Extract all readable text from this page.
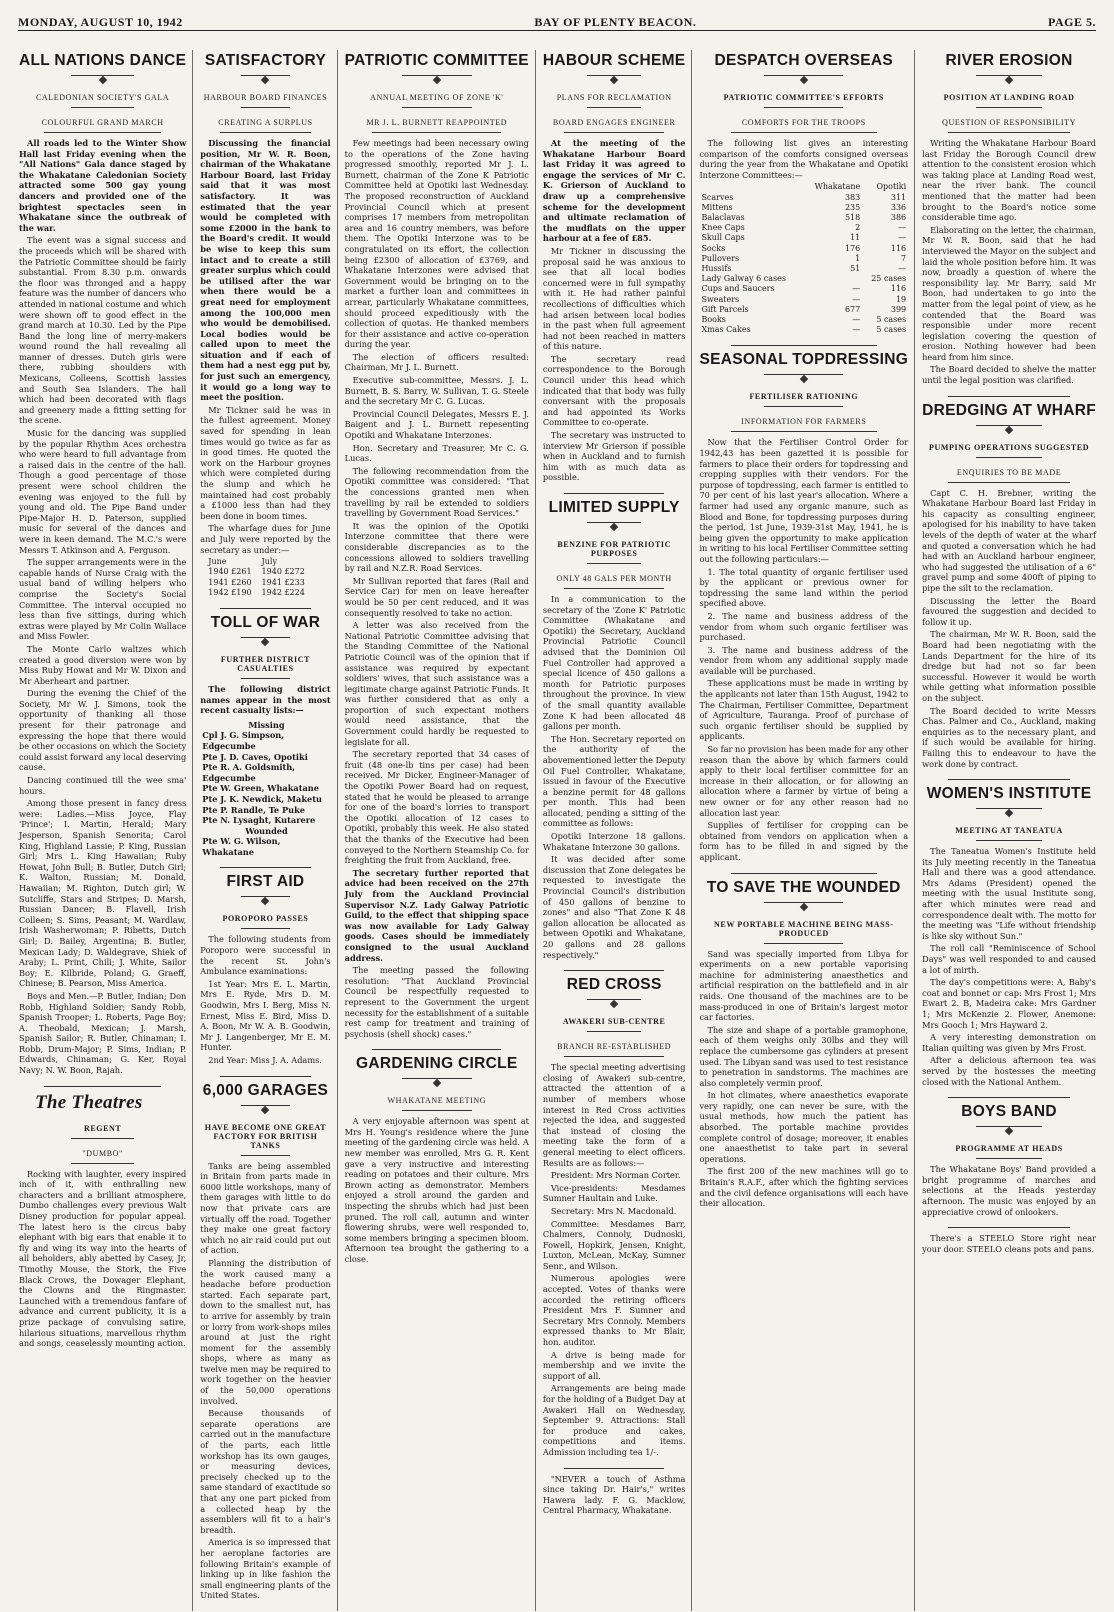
MONDAY, AUGUST 10, 1942	BAY OF PLENTY BEACON.	PAGE 5.
ALL NATIONS DANCE
CALEDONIAN SOCIETY'S GALA
COLOURFUL GRAND MARCH

All roads led to the Winter Show Hall last Friday evening when the "All Nations" Gala dance staged by the Whakatane Caledonian Society attracted some 500 gay young dancers and provided one of the brightest spectacles seen in Whakatane since the outbreak of the war.

The event was a signal success and the proceeds which will be shared with the Patriotic Committee should be fairly substantial. From 8.30 p.m. onwards the floor was thronged and a happy feature was the number of dancers who attended in national costume and which were shown off to good effect in the grand march at 10.30. Led by the Pipe Band the long line of merry-makers wound round the hall revealing all manner of dresses. Dutch girls were there, rubbing shoulders with Mexicans, Colleens, Scottish lassies and South Sea Islanders. The hall which had been decorated with flags and greenery made a fitting setting for the scene.

Music for the dancing was supplied by the popular Rhythm Aces orchestra who were heard to full advantage from a raised dais in the centre of the hall. Though a good percentage of those present were school children the evening was enjoyed to the full by young and old. The Pipe Band under Pipe-Major H. D. Paterson, supplied music for several of the dances and were in keen demand. The M.C.'s were Messrs T. Atkinson and A. Ferguson.

The supper arrangements were in the capable hands of Nurse Craig with the usual band of willing helpers who comprise the Society's Social Committee. The interval occupied no less than five sittings, during which extras were played by Mr Colin Wallace and Miss Fowler.

The Monte Carlo waltzes which created a good diversion were won by Miss Ruby Howat and Mr W. Dixon and Mr Aberheart and partner.

During the evening the Chief of the Society, Mr W. J. Simons, took the opportunity of thanking all those present for their patronage and expressing the hope that there would be other occasions on which the Society could assist forward any local deserving cause.

Dancing continued till the wee sma' hours.

Among those present in fancy dress were: Ladies.—Miss Joyce, Flay 'Prince'; I. Martin, Herald; Mary Jesperson, Spanish Senorita; Carol King, Highland Lassie; P. King, Russian Girl; Mrs L. King Hawaiian; Ruby Howat, John Bull; B. Butler, Dutch Girl; K. Walton, Russian; M. Donald, Hawaiian; M. Righton, Dutch girl; W. Sutcliffe, Stars and Stripes; D. Marsh, Russian Dancer; B. Flavell, Irish Colleen; S. Sims, Peasant; M. Wardlaw, Irish Washerwoman; P. Ribetts, Dutch Girl; D. Bailey, Argentina; B. Butler, Mexican Lady; D. Waldegrave, Shiek of Araby; L. Print, Chili; J. White, Sailor Boy; E. Kilbride, Poland; G. Graeff, Chinese; B. Pearson, Miss America.

Boys and Men.—P. Butler, Indian; Don Robb, Highland Soldier; Sandy Robb, Spanish Trooper; L. Roberts, Page Boy; A. Theobald, Mexican; J. Marsh, Spanish Sailor; R. Butler, Chinaman; I. Robb, Drum-Major; P. Sims, Indian; P. Edwards, Chinaman; G. Ker, Royal Navy; N. W. Boon, Rajah.

The Theatres
REGENT
"DUMBO"

Rocking with laughter, every inspired inch of it, with enthralling new characters and a brilliant atmosphere, Dumbo challenges every previous Walt Disney production for popular appeal. The latest hero is the circus baby elephant with big ears that enable it to fly and wing its way into the hearts of all beholders, ably abetted by Casey, Jr, Timothy Mouse, the Stork, the Five Black Crows, the Dowager Elephant, the Clowns and the Ringmaster. Launched with a tremendous fanfare of advance and current publicity, it is a prize package of convulsing satire, hilarious situations, marvellous rhythm and songs, ceaselessly mounting action.

SATISFACTORY
HARBOUR BOARD FINANCES
CREATING A SURPLUS

Discussing the financial position, Mr W. R. Boon, chairman of the Whakatane Harbour Board, last Friday said that it was most satisfactory. It was estimated that the year would be completed with some £2000 in the bank to the Board's credit. It would be wise to keep this sum intact and to create a still greater surplus which could be utilised after the war when there would be a great need for employment among the 100,000 men who would be demobilised. Local bodies would be called upon to meet the situation and if each of them had a nest egg put by, for just such an emergency, it would go a long way to meet the position.

Mr Tickner said he was in the fullest agreement. Money saved for spending in lean times would go twice as far as in good times. He quoted the work on the Harbour groynes which were completed during the slump and which he maintained had cost probably a £1000 less than had they been done in boom times.

The wharfage dues for June and July were reported by the secretary as under:—

June	July
1940 £261	1940 £272
1941 £260	1941 £233
1942 £190	1942 £224
TOLL OF WAR
FURTHER DISTRICT CASUALTIES

The following district names appear in the most recent casualty lists:—

Missing
Cpl J. G. Simpson, Edgecumbe
Pte J. D. Caves, Opotiki
Pte R. A. Goldsmith, Edgecumbe
Pte W. Green, Whakatane
Pte J. K. Newdick, Maketu
Pte P. Randle, Te Puke
Pte N. Lysaght, Kutarere
Wounded
Pte W. G. Wilson, Whakatane
FIRST AID
POROPORO PASSES

The following students from Poroporo were successful in the recent St. John's Ambulance examinations:

1st Year: Mrs E. L. Martin, Mrs E. Ryde, Mrs D. M. Goodwin, Mrs I. Berg, Miss N. Ernest, Miss E. Bird, Miss D. A. Boon, Mr W. A. B. Goodwin, Mr J. Langenberger, Mr E. M. Hunter.

2nd Year: Miss J. A. Adams.

6,000 GARAGES
HAVE BECOME ONE GREAT FACTORY FOR BRITISH TANKS

Tanks are being assembled in Britain from parts made in 6000 little workshops, many of them garages with little to do now that private cars are virtually off the road. Together they make one great factory which no air raid could put out of action.

Planning the distribution of the work caused many a headache before production started. Each separate part, down to the smallest nut, has to arrive for assembly by train or lorry from work-shops miles around at just the right moment for the assembly shops, where as many as twelve men may be required to work together on the heavier of the 50,000 operations involved.

Because thousands of separate operations are carried out in the manufacture of the parts, each little workshop has its own gauges, or measuring devices, precisely checked up to the same standard of exactitude so that any one part picked from a collected heap by the assemblers will fit to a hair's breadth.

America is so impressed that her aeroplane factories are following Britain's example of linking up in like fashion the small engineering plants of the United States.

PATRIOTIC COMMITTEE
ANNUAL MEETING OF ZONE 'K'
MR J. L. BURNETT REAPPOINTED

Few meetings had been necessary owing to the operations of the Zone having progressed smoothly, reported Mr J. L. Burnett, chairman of the Zone K Patriotic Committee held at Opotiki last Wednesday. The proposed reconstruction of Auckland Provincial Council which at present comprises 17 members from metropolitan area and 16 country members, was before them. The Opotiki Interzone was to be congratulated on its effort, the collection being £2300 of allocation of £3769, and Whakatane Interzones were advised that Government would be bringing on to the market a further loan and committees in arrear, particularly Whakatane committees, should proceed expeditiously with the collection of quotas. He thanked members for their assistance and active co-operation during the year.

The election of officers resulted: Chairman, Mr J. L. Burnett.

Executive sub-committee, Messrs. J. L. Burnett, B. S. Barry, W. Sullivan, T. G. Steele and the secretary Mr C. G. Lucas.

Provincial Council Delegates, Messrs E. J. Baigent and J. L. Burnett repesenting Opotiki and Whakatane Interzones.

Hon. Secretary and Treasurer, Mr C. G. Lucas.

The following recommendation from the Opotiki committee was considered: "That the concessions granted men when travelling by rail be extended to soldiers travelling by Government Road Services."

It was the opinion of the Opotiki Interzone committee that there were considerable discrepancies as to the concessions allowed to soldiers travelling by rail and N.Z.R. Road Services.

Mr Sullivan reported that fares (Rail and Service Car) for men on leave hereafter would be 50 per cent reduced, and it was consequently resolved to take no action.

A letter was also received from the National Patriotic Committee advising that the Standing Committee of the National Patriotic Council was of the opinion that if assistance was required by expectant soldiers' wives, that such assistance was a legitimate charge against Patriotic Funds. It was further considered that as only a proportion of such expectant mothers would need assistance, that the Government could hardly be requested to legislate for all.

The secretary reported that 34 cases of fruit (48 one-lb tins per case) had been received. Mr Dicker, Engineer-Manager of the Opotiki Power Board had on request, stated that he would be pleased to arrange for one of the board's lorries to transport the Opotiki allocation of 12 cases to Opotiki, probably this week. He also stated that the thanks of the Executive had been conveyed to the Northern Steamship Co. for freighting the fruit from Auckland, free.

The secretary further reported that advice had been received on the 27th July from the Auckland Provincial Supervisor N.Z. Lady Galway Patriotic Guild, to the effect that shipping space was now available for Lady Galway goods. Cases should be immediately consigned to the usual Auckland address.

The meeting passed the following resolution: "That Auckland Provincial Council be respectfully requested to represent to the Government the urgent necessity for the establishment of a suitable rest camp for treatment and training of psychosis (shell shock) cases."

GARDENING CIRCLE
WHAKATANE MEETING

A very enjoyable afternoon was spent at Mrs H. Young's residence where the June meeting of the gardening circle was held. A new member was enrolled, Mrs G. R. Kent gave a very instructive and interesting reading on potatoes and their culture. Mrs Brown acting as demonstrator. Members enjoyed a stroll around the garden and inspecting the shrubs which had just been pruned. The roll call, autumn and winter flowering shrubs, were well responded to, some members bringing a specimen bloom. Afternoon tea brought the gathering to a close.

HABOUR SCHEME
PLANS FOR RECLAMATION
BOARD ENGAGES ENGINEER

At the meeting of the Whakatane Harbour Board last Friday it was agreed to engage the services of Mr C. K. Grierson of Auckland to draw up a comprehensive scheme for the development and ultimate reclamation of the mudflats on the upper harbour at a fee of £85.

Mr Tickner in discussing the proposal said he was anxious to see that all local bodies concerned were in full sympathy with it. He had rather painful recollections of difficulties which had arisen between local bodies in the past when full agreement had not been reached in matters of this nature.

The secretary read correspondence to the Borough Council under this head which indicated that that body was fully conversant with the proposals and had appointed its Works Committee to co-operate.

The secretary was instructed to interview Mr Grierson if possible when in Auckland and to furnish him with as much data as possible.

LIMITED SUPPLY
BENZINE FOR PATRIOTIC PURPOSES
ONLY 48 GALS PER MONTH

In a communication to the secretary of the 'Zone K' Patriotic Committee (Whakatane and Opotiki) the Secretary, Auckland Provincial Patriotic Council advised that the Dominion Oil Fuel Controller had approved a special licence of 450 gallons a month for Patriotic purposes throughout the province. In view of the small quantity available Zone K had been allocated 48 gallons per month.

The Hon. Secretary reported on the authority of the abovementioned letter the Deputy Oil Fuel Controller, Whakatane, issued in favour of the Executive a benzine permit for 48 gallons per month. This had been allocated, pending a sitting of the committee as follows:

Opotiki Interzone 18 gallons. Whakatane Interzone 30 gallons.

It was decided after some discussion that Zone delegates be requested to investigate the Provincial Council's distribution of 450 gallons of benzine to zones" and also "That Zone K 48 gallon allocation be allocated as between Opotiki and Whakatane, 20 gallons and 28 gallons respectively."

RED CROSS
AWAKERI SUB-CENTRE
BRANCH RE-ESTABLISHED

The special meeting advertising closing of Awakeri sub-centre, attracted the attention of a number of members whose interest in Red Cross activities rejected the idea, and suggested that instead of closing the meeting take the form of a general meeting to elect officers. Results are as follows:—

President: Mrs Norman Corter.

Vice-presidents: Mesdames Sumner Haultain and Luke.

Secretary: Mrs N. Macdonald.

Committee: Mesdames Barr, Chalmers, Connoly, Dudnoski, Fowell, Hopkirk, Jensen, Knight, Luxton, McLean, McKay, Sumner Senr., and Wilson.

Numerous apologies were accepted. Votes of thanks were accorded the retiring officers President Mrs F. Sumner and Secretary Mrs Connoly. Members expressed thanks to Mr Blair, hon. auditor.

A drive is being made for membership and we invite the support of all.

Arrangements are being made for the holding of a Budget Day at Awakeri Hall on Wednesday, September 9. Attractions: Stall for produce and cakes, competitions and items. Admission including tea 1/-.

"NEVER a touch of Asthma since taking Dr. Hair's," writes Hawera lady. F. G. Macklow, Central Pharmacy, Whakatane.

DESPATCH OVERSEAS
PATRIOTIC COMMITTEE'S EFFORTS
COMFORTS FOR THE TROOPS

The following list gives an interesting comparison of the comforts consigned overseas during the year from the Whakatane and Opotiki Interzone Committees:—

	Whakatane	Opotiki
Scarves	383	311
Mittens	235	336
Balaclavas	518	386
Knee Caps	2	—
Skull Caps	11	—
Socks	176	116
Pullovers	1	7
Hussifs	51	—
Lady Galway 6 cases		25 cases
Cups and Saucers	—	116
Sweaters	—	19
Gift Parcels	677	399
Books	—	5 cases
Xmas Cakes	—	5 cases
SEASONAL TOPDRESSING
FERTILISER RATIONING
INFORMATION FOR FARMERS

Now that the Fertiliser Control Order for 1942,43 has been gazetted it is possible for farmers to place their orders for topdressing and cropping supplies with their vendors. For the purpose of topdressing, each farmer is entitled to 70 per cent of his last year's allocation. Where a farmer had used any organic manure, such as Blood and Bone, for topdressing purposes during the period, 1st June, 1939-31st May, 1941, he is being given the opportunity to make application in writing to his local Fertiliser Committee setting out the following particulars:—

1. The total quantity of organic fertiliser used by the applicant or previous owner for topdressing the same land within the period specified above.

2. The name and business address of the vendor from whom such organic fertiliser was purchased.

3. The name and business address of the vendor from whom any additional supply made available will be purchased.

These applications must be made in writing by the applicants not later than 15th August, 1942 to The Chairman, Fertiliser Committee, Department of Agriculture, Tauranga. Proof of purchase of such organic fertiliser should be supplied by applicants.

So far no provision has been made for any other reason than the above by which farmers could apply to their local fertiliser committee for an increase in their allocation, or for allowing an allocation where a farmer by virtue of being a new owner or for any other reason had no allocation last year.

Supplies of fertiliser for cropping can be obtained from vendors on application when a form has to be filled in and signed by the applicant.

TO SAVE THE WOUNDED
NEW PORTABLE MACHINE BEING MASS-PRODUCED

Sand was specially imported from Libya for experiments on a new portable vaporising machine for administering anaesthetics and artificial respiration on the battlefield and in air raids. One thousand of the machines are to be mass-produced in one of Britain's largest motor car factories.

The size and shape of a portable gramophone, each of them weighs only 30lbs and they will replace the cumbersome gas cylinders at present used. The Libyan sand was used to test resistance to penetration in sandstorms. The machines are also completely vermin proof.

In hot climates, where anaesthetics evaporate very rapidly, one can never be sure, with the usual methods, how much the patient has absorbed. The portable machine provides complete control of dosage; moreover, it enables one anaesthetist to take part in several operations.

The first 200 of the new machines will go to Britain's R.A.F., after which the fighting services and the civil defence organisations will each have their allocation.

RIVER EROSION
POSITION AT LANDING ROAD
QUESTION OF RESPONSIBILITY

Writing the Whakatane Harbour Board last Friday the Borough Council drew attention to the consistent erosion which was taking place at Landing Road west, near the river bank. The council mentioned that the matter had been brought to the Board's notice some considerable time ago.

Elaborating on the letter, the chairman, Mr W. R. Boon, said that he had interviewed the Mayor on the subject and laid the whole position before him. It was now, broadly a question of where the responsibility lay. Mr Barry, said Mr Boon, had undertaken to go into the matter from the legal point of view, as he contended that the Board was responsible under more recent legislation covering the question of erosion. Nothing however had been heard from him since.

The Board decided to shelve the matter until the legal position was clarified.

DREDGING AT WHARF
PUMPING OPERATIONS SUGGESTED
ENQUIRIES TO BE MADE

Capt C. H. Brebner, writing the Whakatane Harbour Board last Friday in his capacity as consulting engineer, apologised for his inability to have taken levels of the depth of water at the wharf and quoted a conversation which he had had with an Auckland harbour engineer, who had suggested the utilisation of a 6" gravel pump and some 400ft of piping to pipe the silt to the reclamation.

Discussing the letter the Board favoured the suggestion and decided to follow it up.

The chairman, Mr W. R. Boon, said the Board had been negotiating with the Lands Department for the hire of its dredge but had not so far been successful. However it would be worth while getting what information possible on the subject.

The Board decided to write Messrs Chas. Palmer and Co., Auckland, making enquiries as to the necessary plant, and if such would be available for hiring. Failing this to endeavour to have the work done by contract.

WOMEN'S INSTITUTE
MEETING AT TANEATUA

The Taneatua Women's Institute held its July meeting recently in the Taneatua Hall and there was a good attendance. Mrs Adams (President) opened the meeting with the usual Institute song, after which minutes were read and correspondence dealt with. The motto for the meeting was "Life without friendship is like sky without Sun."

The roll call "Reminiscence of School Days" was well responded to and caused a lot of mirth.

The day's competitions were: A, Baby's coat and bonnet or cap: Mrs Frost 1; Mrs Ewart 2. B, Madeira cake: Mrs Gardner 1; Mrs McKenzie 2. Flower, Anemone: Mrs Gooch 1; Mrs Hayward 2.

A very interesting demonstration on Italian quilting was given by Mrs Frost.

After a delicious afternoon tea was served by the hostesses the meeting closed with the National Anthem.

BOYS BAND
PROGRAMME AT HEADS

The Whakatane Boys' Band provided a bright programme of marches and selections at the Heads yesterday afternoon. The music was enjoyed by an appreciative crowd of onlookers.

There's a STEELO Store right near your door. STEELO cleans pots and pans.
